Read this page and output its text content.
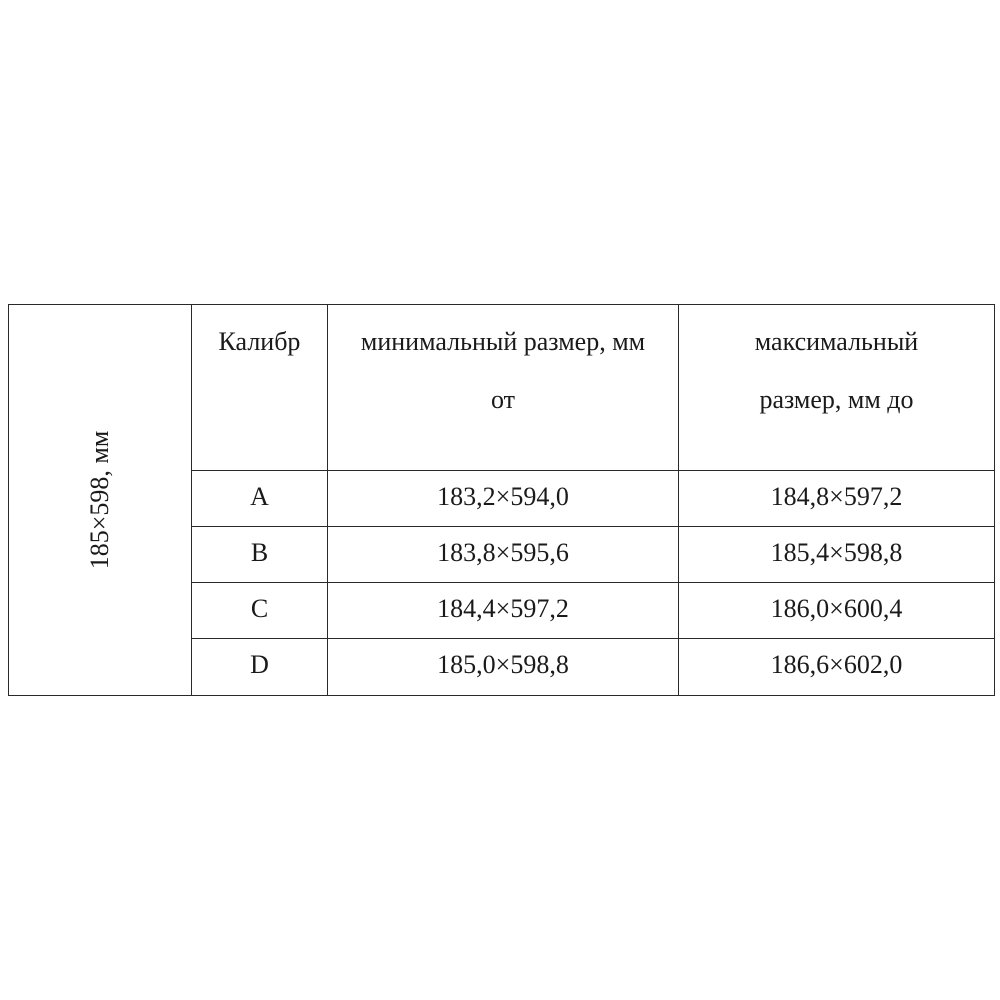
185×598, мм	Калибр	минимальный размер, мм от	максимальный размер, мм до

	A	183,2×594,0	184,8×597,2
	B	183,8×595,6	185,4×598,8
	C	184,4×597,2	186,0×600,4
	D	185,0×598,8	186,6×602,0
